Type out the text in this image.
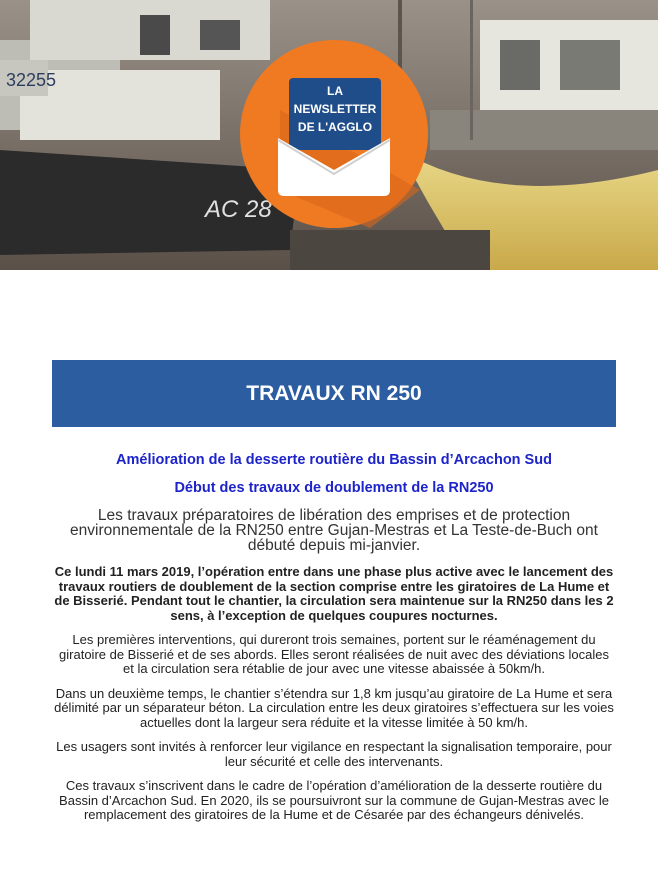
32255
AC 28
LA
NEWSLETTER
DE L'AGGLO
TRAVAUX RN 250
Amélioration de la desserte routière du Bassin d’Arcachon Sud
Début des travaux de doublement de la RN250

Les travaux préparatoires de libération des emprises et de protection environnementale de la RN250 entre Gujan-Mestras et La Teste-de-Buch ont débuté depuis mi-janvier.

Ce lundi 11 mars 2019, l’opération entre dans une phase plus active avec le lancement des travaux routiers de doublement de la section comprise entre les giratoires de La Hume et de Bisserié. Pendant tout le chantier, la circulation sera maintenue sur la RN250 dans les 2 sens, à l’exception de quelques coupures nocturnes.

Les premières interventions, qui dureront trois semaines, portent sur le réaménagement du giratoire de Bisserié et de ses abords. Elles seront réalisées de nuit avec des déviations locales et la circulation sera rétablie de jour avec une vitesse abaissée à 50km/h.

Dans un deuxième temps, le chantier s’étendra sur 1,8 km jusqu’au giratoire de La Hume et sera délimité par un séparateur béton. La circulation entre les deux giratoires s’effectuera sur les voies actuelles dont la largeur sera réduite et la vitesse limitée à 50 km/h.

Les usagers sont invités à renforcer leur vigilance en respectant la signalisation temporaire, pour leur sécurité et celle des intervenants.

Ces travaux s’inscrivent dans le cadre de l’opération d’amélioration de la desserte routière du Bassin d’Arcachon Sud. En 2020, ils se poursuivront sur la commune de Gujan-Mestras avec le remplacement des giratoires de la Hume et de Césarée par des échangeurs dénivelés.
